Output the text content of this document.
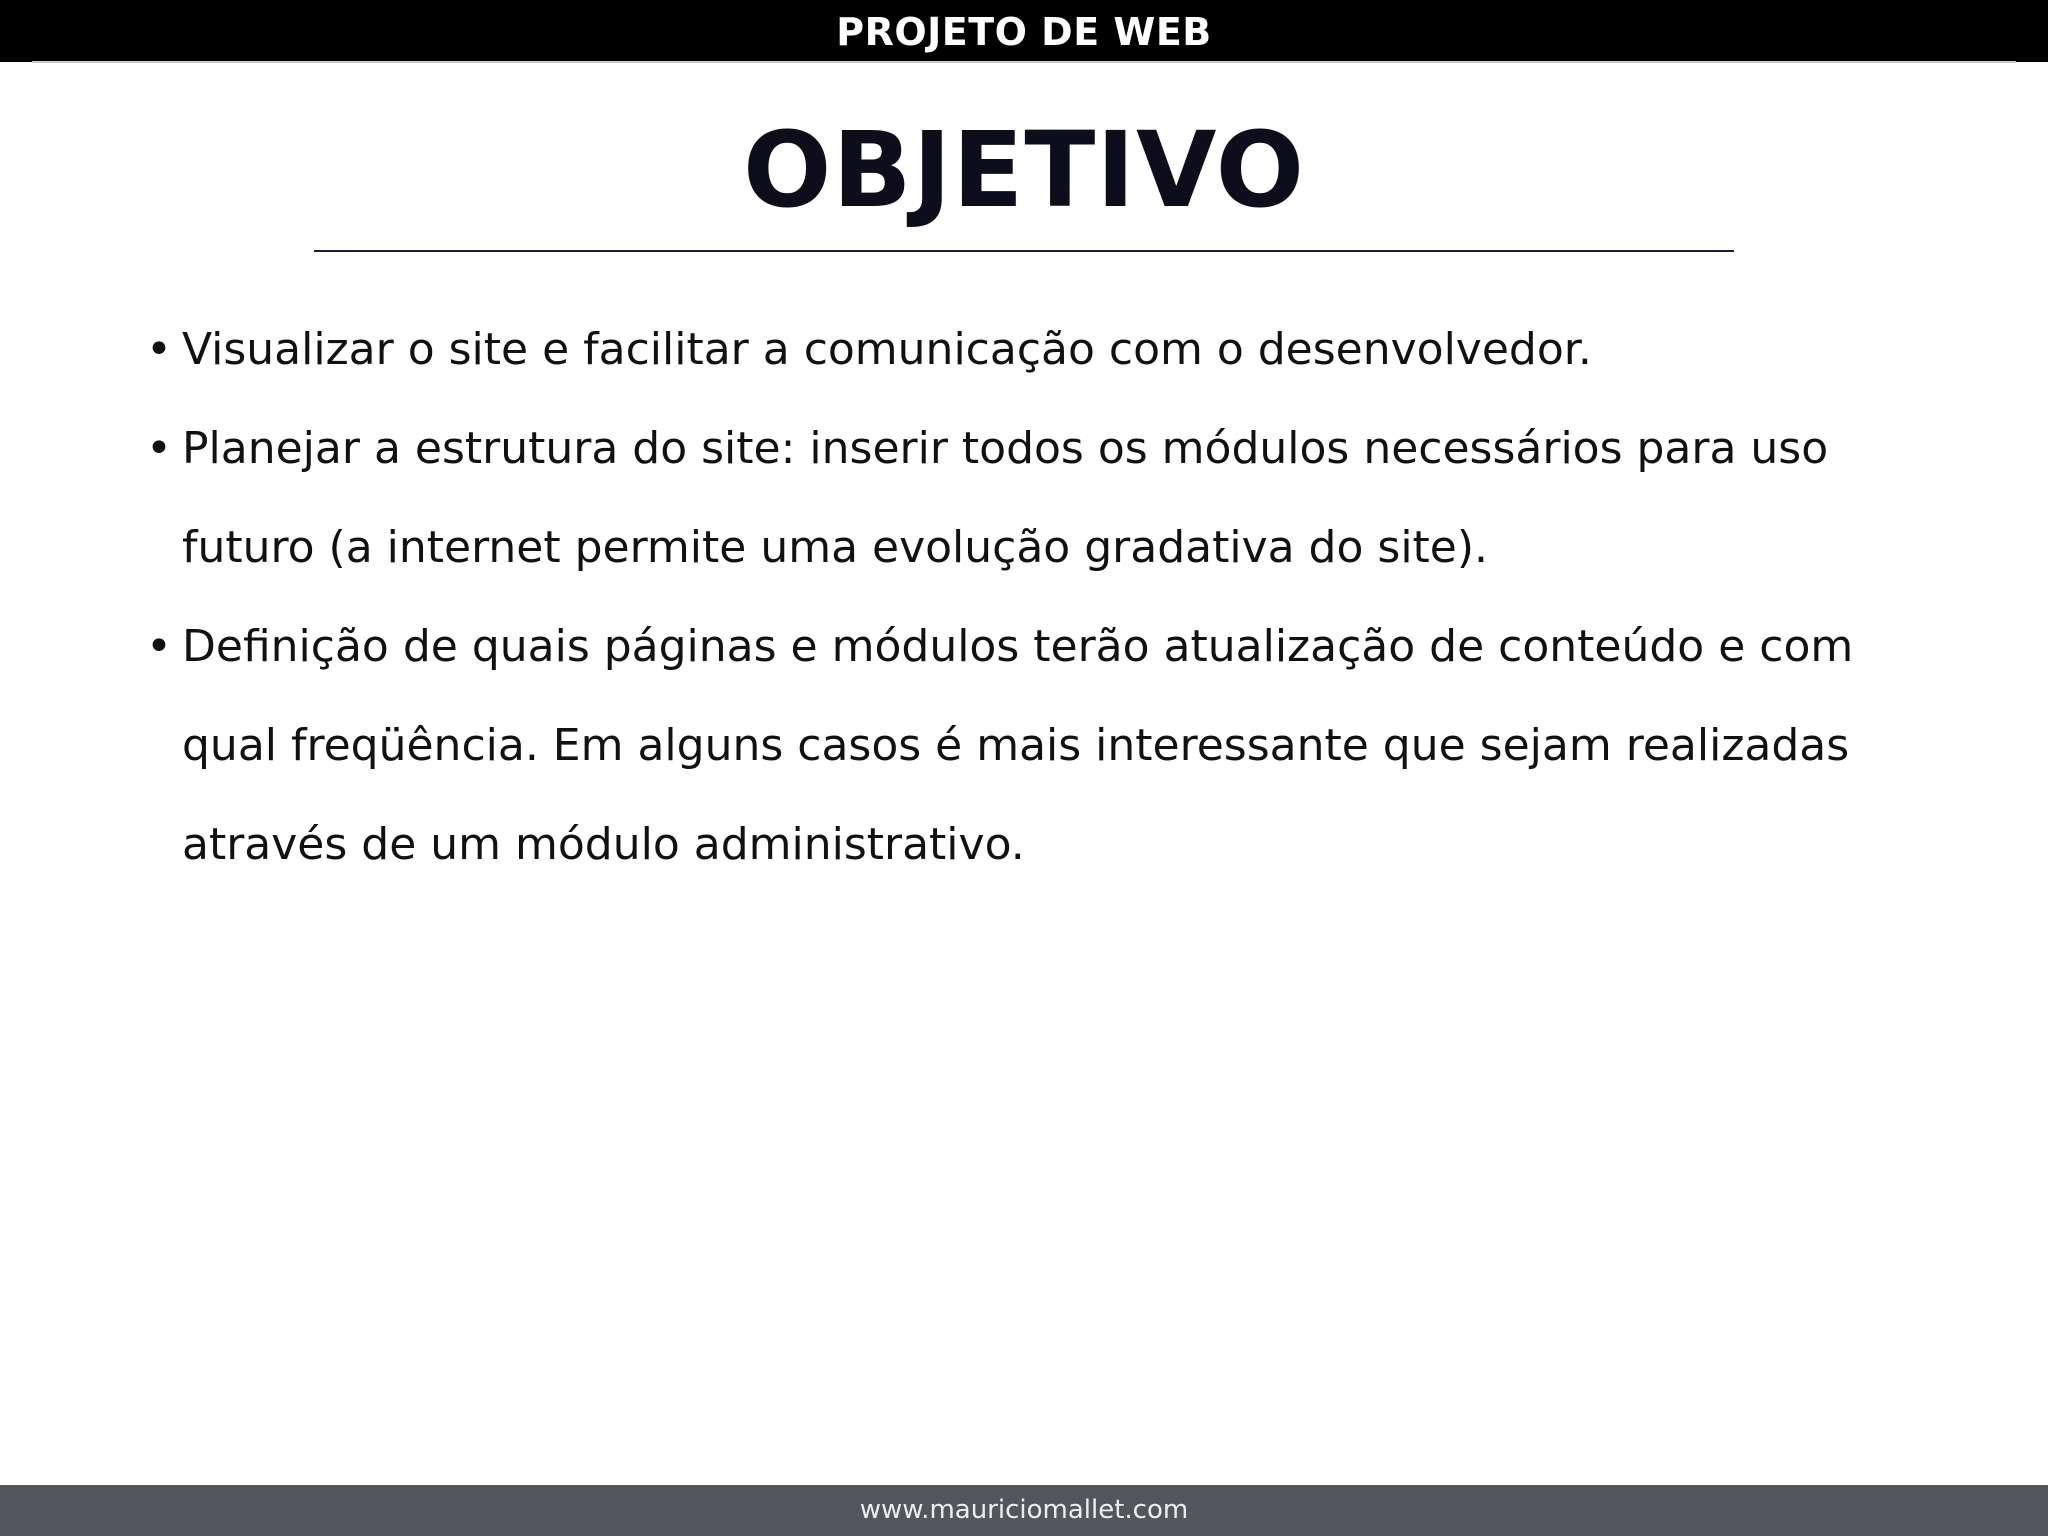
PROJETO DE WEB
OBJETIVO
• Visualizar o site e facilitar a comunicação com o desenvolvedor.
• Planejar a estrutura do site: inserir todos os módulos necessários para uso futuro (a internet permite uma evolução gradativa do site).
• Definição de quais páginas e módulos terão atualização de conteúdo e com qual freqüência. Em alguns casos é mais interessante que sejam realizadas através de um módulo administrativo.
www.mauriciomallet.com
